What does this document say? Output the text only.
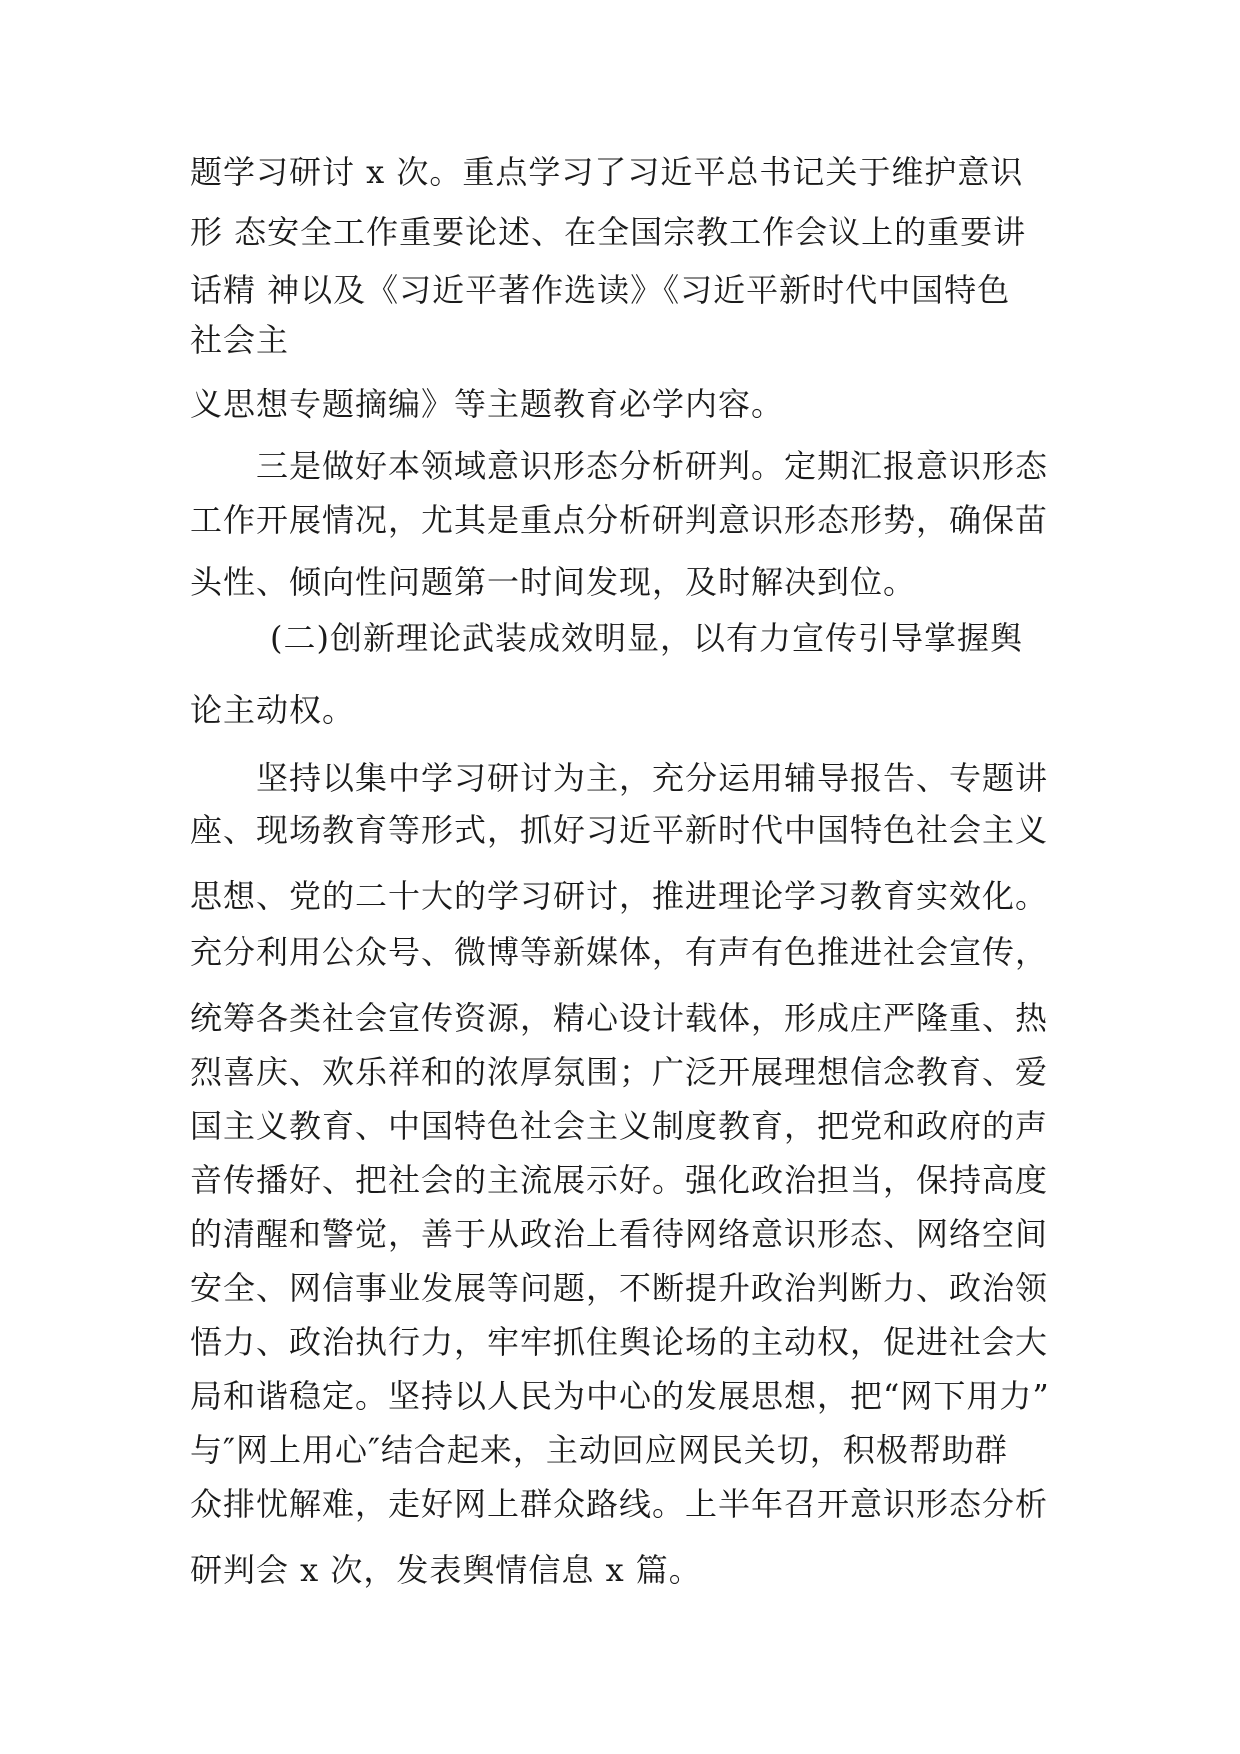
题学习研讨 x 次。重点学习了习近平总书记关于维护意识
形 态安全工作重要论述、在全国宗教工作会议上的重要讲
话精 神以及《习近平著作选读》《习近平新时代中国特色
社会主
义思想专题摘编》等主题教育必学内容。
三是做好本领域意识形态分析研判。定期汇报意识形态
工作开展情况，尤其是重点分析研判意识形态形势，确保苗
头性、倾向性问题第一时间发现，及时解决到位。
(二)创新理论武装成效明显，以有力宣传引导掌握舆
论主动权。
坚持以集中学习研讨为主，充分运用辅导报告、专题讲
座、现场教育等形式，抓好习近平新时代中国特色社会主义
思想、党的二十大的学习研讨，推进理论学习教育实效化。
充分利用公众号、微博等新媒体，有声有色推进社会宣传，
统筹各类社会宣传资源，精心设计载体，形成庄严隆重、热
烈喜庆、欢乐祥和的浓厚氛围；广泛开展理想信念教育、爱
国主义教育、中国特色社会主义制度教育，把党和政府的声
音传播好、把社会的主流展示好。强化政治担当，保持高度
的清醒和警觉，善于从政治上看待网络意识形态、网络空间
安全、网信事业发展等问题，不断提升政治判断力、政治领
悟力、政治执行力，牢牢抓住舆论场的主动权，促进社会大
局和谐稳定。坚持以人民为中心的发展思想，把“网下用力”
与″网上用心″结合起来，主动回应网民关切，积极帮助群
众排忧解难，走好网上群众路线。上半年召开意识形态分析
研判会 x 次，发表舆情信息 x 篇。
